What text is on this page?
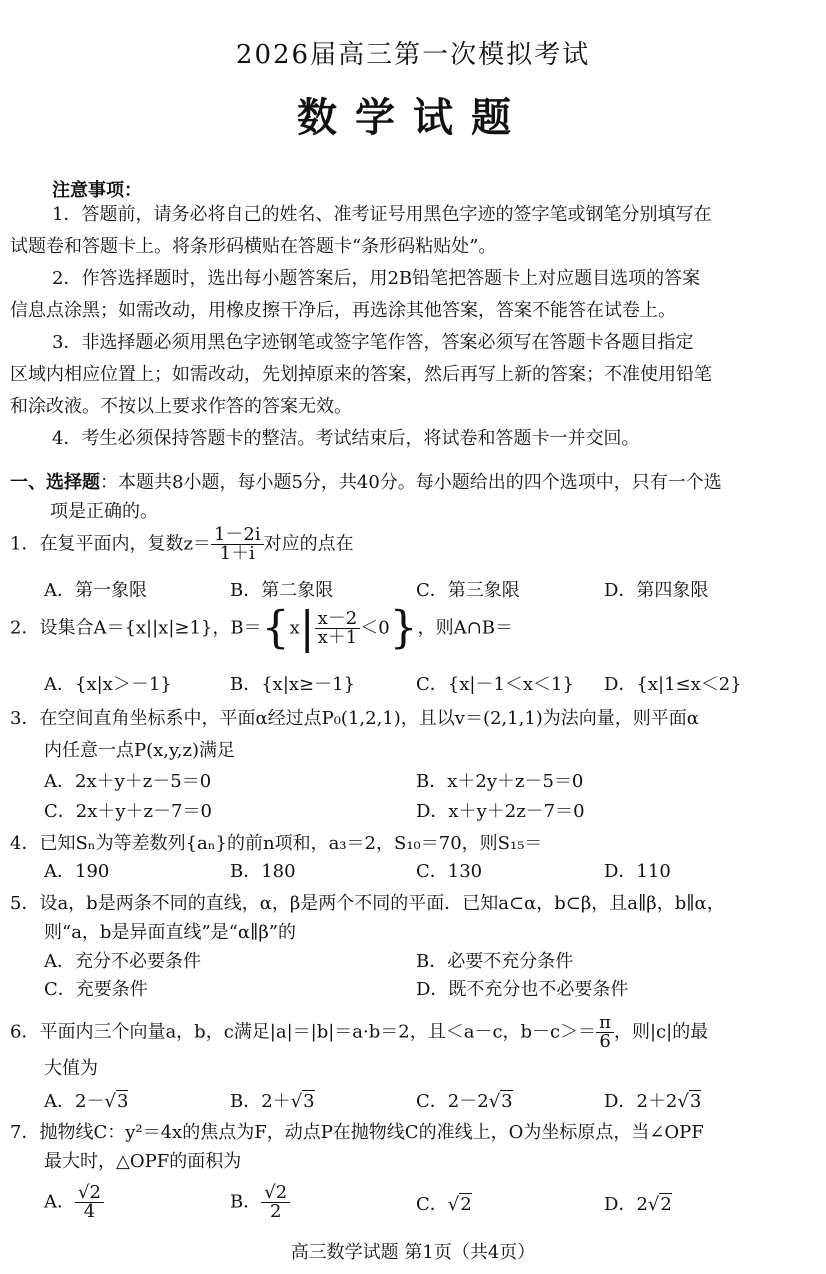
2026届高三第一次模拟考试
数学试题
注意事项：
1．答题前，请务必将自己的姓名、准考证号用黑色字迹的签字笔或钢笔分别填写在
试题卷和答题卡上。将条形码横贴在答题卡“条形码粘贴处”。
2．作答选择题时，选出每小题答案后，用2B铅笔把答题卡上对应题目选项的答案
信息点涂黑；如需改动，用橡皮擦干净后，再选涂其他答案，答案不能答在试卷上。
3．非选择题必须用黑色字迹钢笔或签字笔作答，答案必须写在答题卡各题目指定
区域内相应位置上；如需改动，先划掉原来的答案，然后再写上新的答案；不准使用铅笔
和涂改液。不按以上要求作答的答案无效。
4．考生必须保持答题卡的整洁。考试结束后，将试卷和答题卡一并交回。
一、选择题：本题共8小题，每小题5分，共40分。每小题给出的四个选项中，只有一个选
项是正确的。
1．在复平面内，复数$z= \frac{1-2i}{1+i}$ 对应的点在
A．第一象限	B．第二象限	C．第三象限	D．第四象限
2．设集合A＝{x||x|≥1}，$B=\{x| \frac{x-2}{x+1} <0\}$，则A∩B＝
A．{x|x＞－1}	B．{x|x≥－1}	C．{x|－1＜x＜1} D．{x|1≤x＜2}
3．在空间直角坐标系中，平面α经过点P₀(1,2,1)，且以v＝(2,1,1)为法向量，则平面α
内任意一点P(x,y,z)满足
A．2x＋y＋z－5＝0	B．x＋2y＋z－5＝0
C．2x＋y＋z－7＝0	D．x＋y＋2z－7＝0
4．已知Sₙ为等差数列{aₙ}的前n项和，a₃＝2，S₁₀＝70，则S₁₅＝
A．190	B．180	C．130	D．110
5．设a，b是两条不同的直线，α，β是两个不同的平面．已知a⊂α，b⊂β，且a∥β，b∥α，
则“a，b是异面直线”是“α∥β”的
A．充分不必要条件	B．必要不充分条件
C．充要条件	D．既不充分也不必要条件
6．平面内三个向量a，b，c满足|a|＝|b|＝a·b＝2，且＜a－c，$b-c>= \frac{\pi}{6}$ ，则|c|的最
大值为
A．2－√3	B．2＋√3	C．2－2√3	D．2＋2√3
7．抛物线C：y²＝4x的焦点为F，动点P在抛物线C的准线上，O为坐标原点，当∠OPF
最大时，△OPF的面积为
A． $\frac{√2}{4}$	B． $\frac{√2}{2}$	C．√2	D．2√2
高三数学试题 第1页（共4页）
